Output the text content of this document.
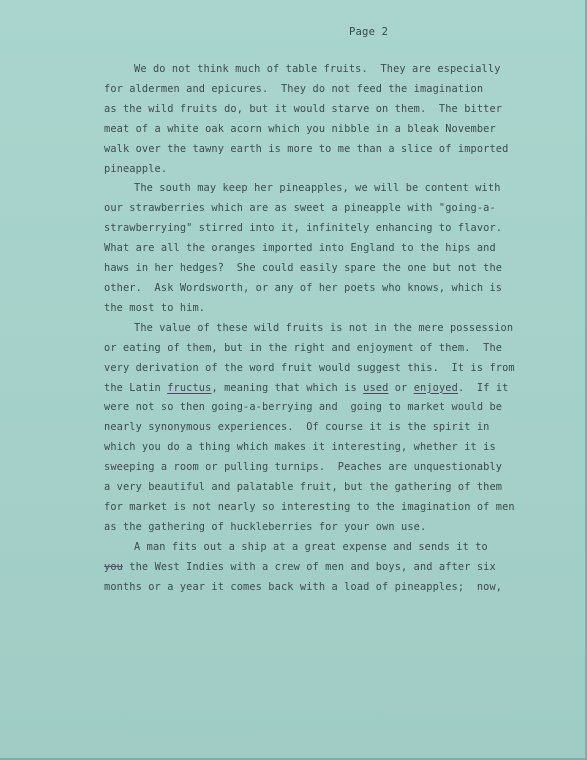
Page 2
We do not think much of table fruits.  They are especially
for aldermen and epicures.  They do not feed the imagination
as the wild fruits do, but it would starve on them.  The bitter
meat of a white oak acorn which you nibble in a bleak November
walk over the tawny earth is more to me than a slice of imported
pineapple.
The south may keep her pineapples, we will be content with
our strawberries which are as sweet a pineapple with "going-a-
strawberrying" stirred into it, infinitely enhancing to flavor.
What are all the oranges imported into England to the hips and
haws in her hedges?  She could easily spare the one but not the
other.  Ask Wordsworth, or any of her poets who knows, which is
the most to him.
The value of these wild fruits is not in the mere possession
or eating of them, but in the right and enjoyment of them.  The
very derivation of the word fruit would suggest this.  It is from
the Latin fructus, meaning that which is used or enjoyed.  If it
were not so then going-a-berrying and  going to market would be
nearly synonymous experiences.  Of course it is the spirit in
which you do a thing which makes it interesting, whether it is
sweeping a room or pulling turnips.  Peaches are unquestionably
a very beautiful and palatable fruit, but the gathering of them
for market is not nearly so interesting to the imagination of men
as the gathering of huckleberries for your own use.
A man fits out a ship at a great expense and sends it to
you the West Indies with a crew of men and boys, and after six
months or a year it comes back with a load of pineapples;  now,
